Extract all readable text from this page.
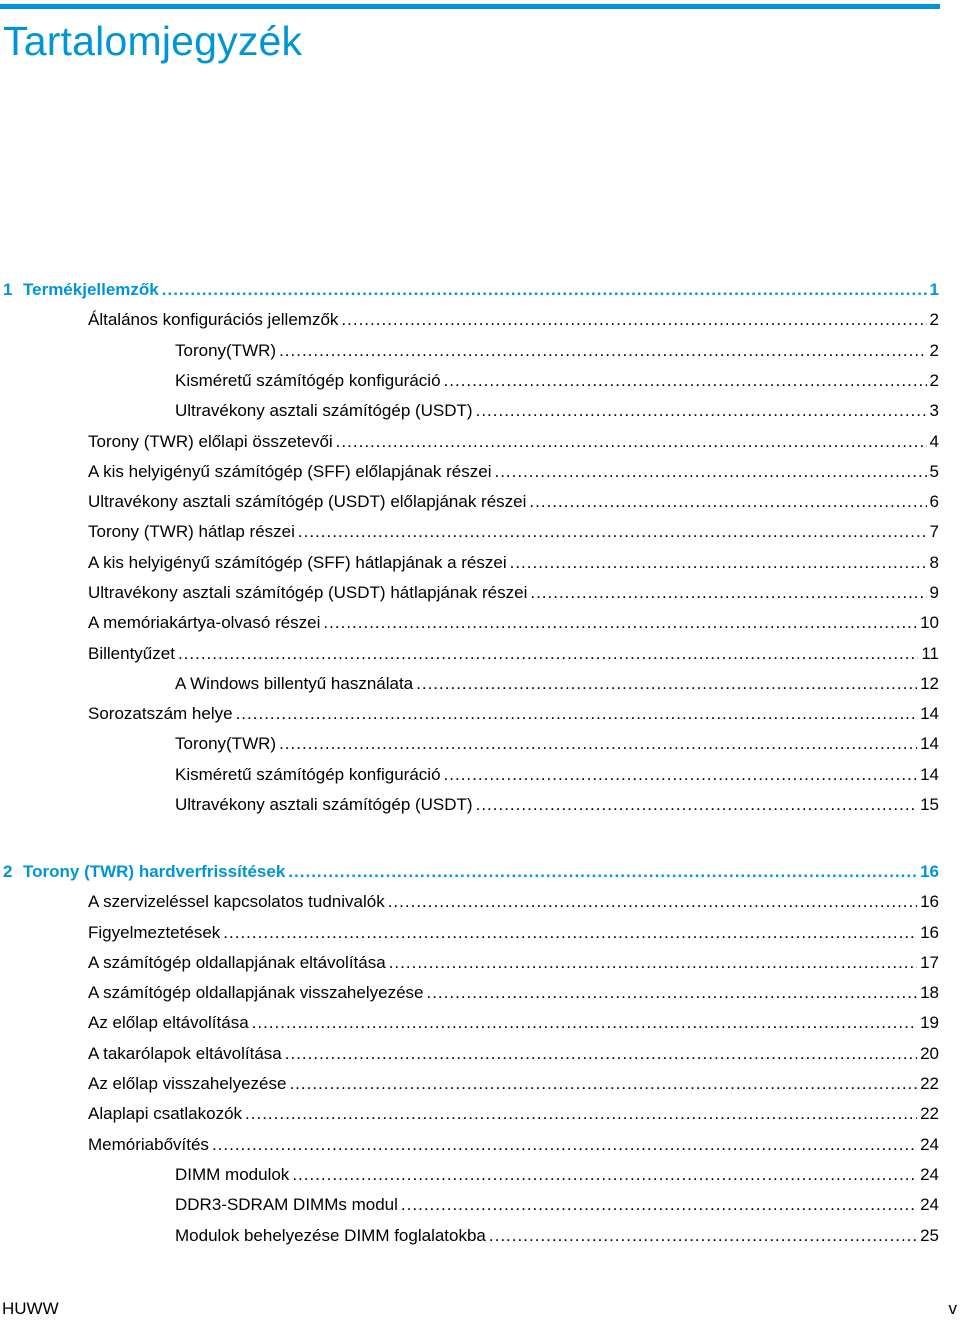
Tartalomjegyzék
1 Termékjellemzők .....	1
Általános konfigurációs jellemzők .....	2
Torony(TWR) .....	2
Kisméretű számítógép konfiguráció .....	2
Ultravékony asztali számítógép (USDT) .....	3
Torony (TWR) előlapi összetevői .....	4
A kis helyigényű számítógép (SFF) előlapjának részei .....	5
Ultravékony asztali számítógép (USDT) előlapjának részei .....	6
Torony (TWR) hátlap részei .....	7
A kis helyigényű számítógép (SFF) hátlapjának a részei .....	8
Ultravékony asztali számítógép (USDT) hátlapjának részei .....	9
A memóriakártya-olvasó részei .....	10
Billentyűzet .....	11
A Windows billentyű használata .....	12
Sorozatszám helye .....	14
Torony(TWR) .....	14
Kisméretű számítógép konfiguráció .....	14
Ultravékony asztali számítógép (USDT) .....	15
2 Torony (TWR) hardverfrissítések .....	16
A szervizeléssel kapcsolatos tudnivalók .....	16
Figyelmeztetések .....	16
A számítógép oldallapjának eltávolítása .....	17
A számítógép oldallapjának visszahelyezése .....	18
Az előlap eltávolítása .....	19
A takarólapok eltávolítása .....	20
Az előlap visszahelyezése .....	22
Alaplapi csatlakozók .....	22
Memóriabővítés .....	24
DIMM modulok .....	24
DDR3-SDRAM DIMMs modul .....	24
Modulok behelyezése DIMM foglalatokba .....	25
HUWW	v
